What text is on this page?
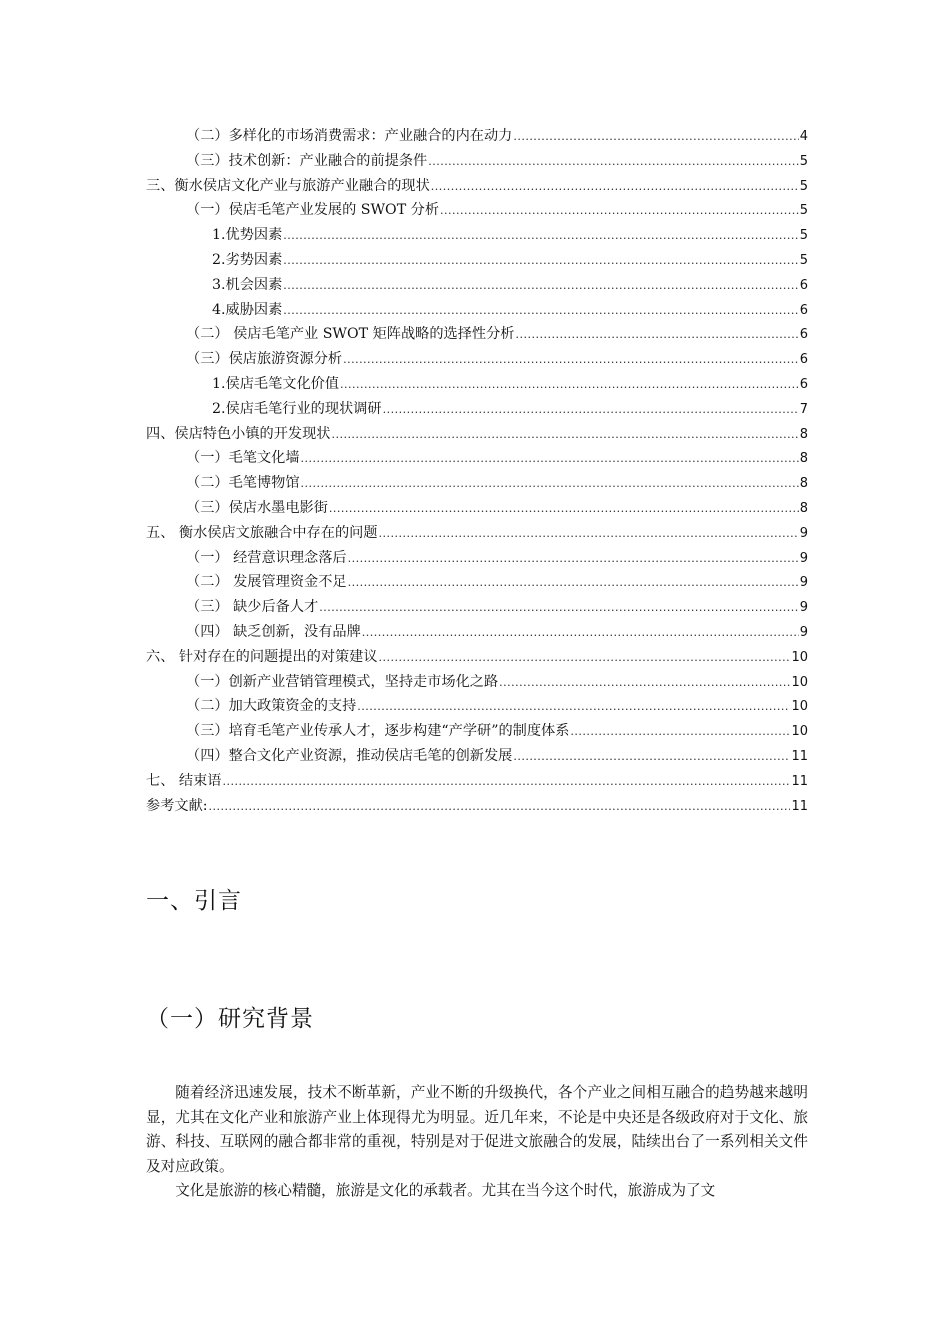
（二）多样化的市场消费需求：产业融合的内在动力 .....	4
（三）技术创新：产业融合的前提条件 .....	5
三、衡水侯店文化产业与旅游产业融合的现状 .....	5
（一）侯店毛笔产业发展的 SWOT 分析 .....	5
1.优势因素 .....	5
2.劣势因素 .....	5
3.机会因素 .....	6
4.威胁因素 .....	6
（二） 侯店毛笔产业 SWOT 矩阵战略的选择性分析 .....	6
（三）侯店旅游资源分析 .....	6
1.侯店毛笔文化价值 .....	6
2.侯店毛笔行业的现状调研 .....	7
四、侯店特色小镇的开发现状 .....	8
（一）毛笔文化墙 .....	8
（二）毛笔博物馆 .....	8
（三）侯店水墨电影街 .....	8
五、 衡水侯店文旅融合中存在的问题 .....	9
（一） 经营意识理念落后 .....	9
（二） 发展管理资金不足 .....	9
（三） 缺少后备人才 .....	9
（四） 缺乏创新，没有品牌 .....	9
六、 针对存在的问题提出的对策建议 .....	10
（一）创新产业营销管理模式，坚持走市场化之路 .....	10
（二）加大政策资金的支持 .....	10
（三）培育毛笔产业传承人才，逐步构建“产学研”的制度体系 .....	10
（四）整合文化产业资源，推动侯店毛笔的创新发展 .....	11
七、 结束语 .....	11
参考文献: .....	11
一、引言
（一）研究背景

随着经济迅速发展，技术不断革新，产业不断的升级换代，各个产业之间相互融合的趋势越来越明显，尤其在文化产业和旅游产业上体现得尤为明显。近几年来，不论是中央还是各级政府对于文化、旅游、科技、互联网的融合都非常的重视，特别是对于促进文旅融合的发展，陆续出台了一系列相关文件及对应政策。

文化是旅游的核心精髓，旅游是文化的承载者。尤其在当今这个时代，旅游成为了文
